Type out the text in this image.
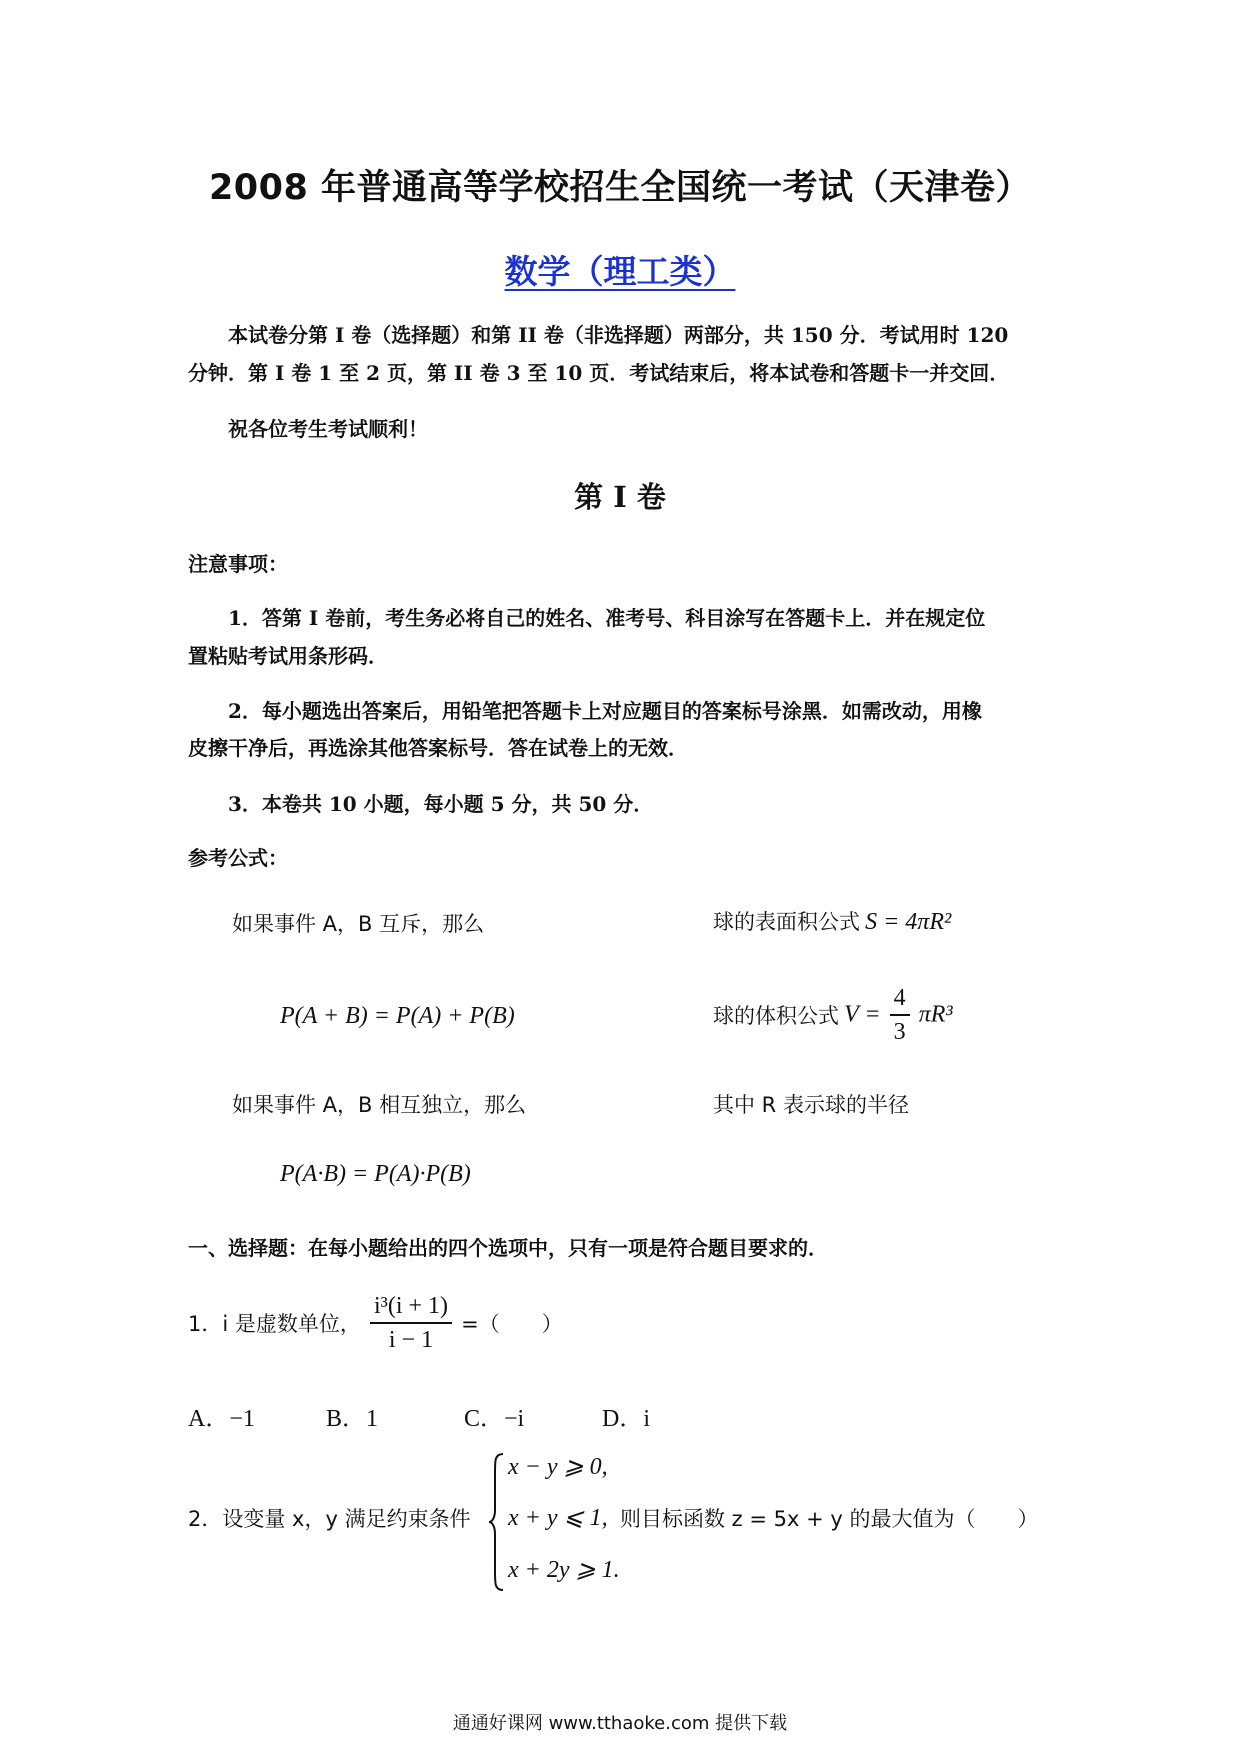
2008 年普通高等学校招生全国统一考试（天津卷）
数学（理工类）
本试卷分第 I 卷（选择题）和第 II 卷（非选择题）两部分，共 150 分．考试用时 120
分钟．第 I 卷 1 至 2 页，第 II 卷 3 至 10 页．考试结束后，将本试卷和答题卡一并交回．
祝各位考生考试顺利！
第 I 卷
注意事项：
1．答第 I 卷前，考生务必将自己的姓名、准考号、科目涂写在答题卡上．并在规定位
置粘贴考试用条形码．
2．每小题选出答案后，用铅笔把答题卡上对应题目的答案标号涂黑．如需改动，用橡
皮擦干净后，再选涂其他答案标号．答在试卷上的无效．
3．本卷共 10 小题，每小题 5 分，共 50 分．
参考公式：
如果事件 A，B 互斥，那么
P(A + B) = P(A) + P(B)
如果事件 A，B 相互独立，那么
P(A·B) = P(A)·P(B)
球的表面积公式 S = 4πR²
球的体积公式 $V = \frac{4}{3} \pi R^3$
其中 R 表示球的半径
一、选择题：在每小题给出的四个选项中，只有一项是符合题目要求的．
1．i 是虚数单位， $\frac{\text{i³(i + 1)}}{i - 1}$ =（　　）
A．−1	B．1	C．−i	D．i
2．设变量 x，y 满足约束条件
x − y ⩾ 0,
x + y ⩽ 1,
x + 2y ⩾ 1.
则目标函数 z = 5x + y 的最大值为（　　）
通通好课网 www.tthaoke.com 提供下载
